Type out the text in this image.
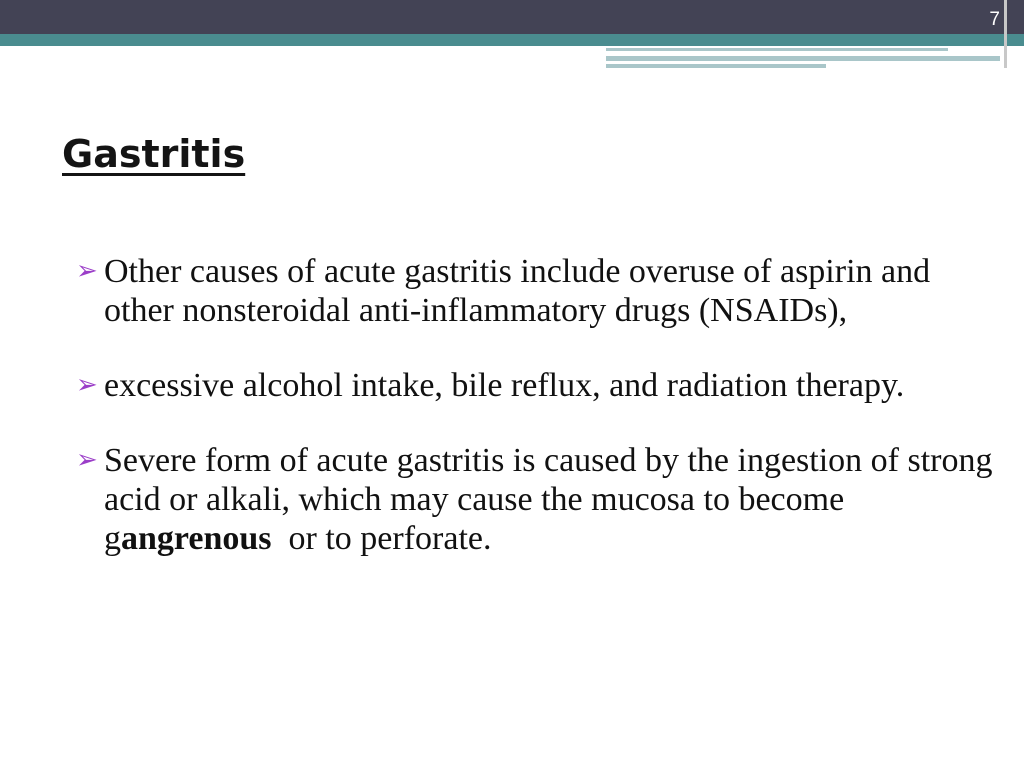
7
Gastritis
➢ Other causes of acute gastritis include overuse of aspirin and other nonsteroidal anti-inflammatory drugs (NSAIDs),
➢ excessive alcohol intake, bile reflux, and radiation therapy.
➢ Severe form of acute gastritis is caused by the ingestion of strong acid or alkali, which may cause the mucosa to become gangrenous  or to perforate.
